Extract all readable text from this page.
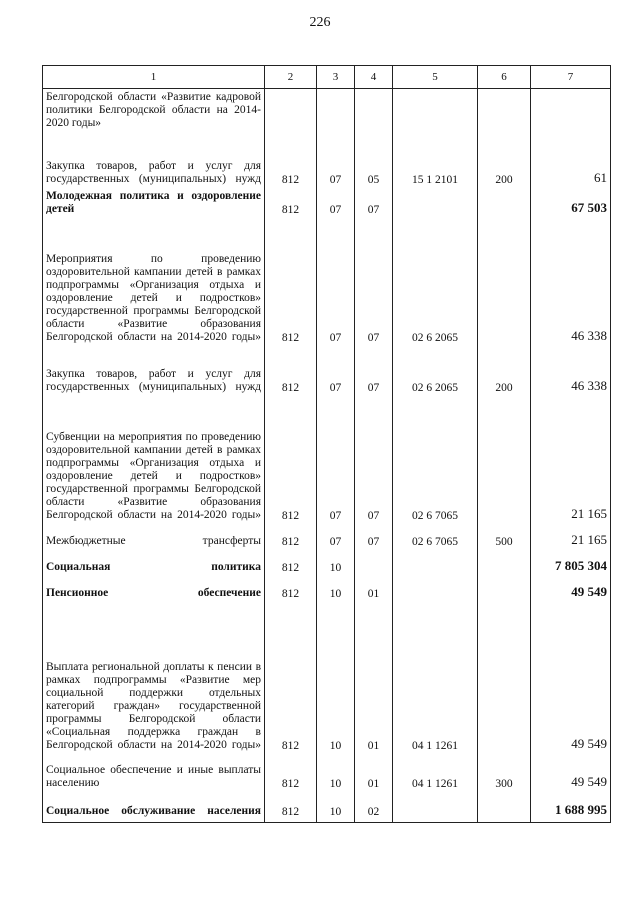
226
1	2	3	4	5	6	7
Белгородской области «Развитие кадровой политики Белгородской области на 2014-2020 годы»						
Закупка товаров, работ и услуг для государственных (муниципальных) нужд	812	07	05	15 1 2101	200	61
Молодежная политика и оздоровление детей	812	07	07			67 503
Мероприятия по проведению оздоровительной кампании детей в рамках подпрограммы «Организация отдыха и оздоровление детей и подростков» государственной программы Белгородской области «Развитие образования Белгородской области на 2014-2020 годы»	812	07	07	02 6 2065		46 338
Закупка товаров, работ и услуг для государственных (муниципальных) нужд	812	07	07	02 6 2065	200	46 338
Субвенции на мероприятия по проведению оздоровительной кампании детей в рамках подпрограммы «Организация отдыха и оздоровление детей и подростков» государственной программы Белгородской области «Развитие образования Белгородской области на 2014-2020 годы»	812	07	07	02 6 7065		21 165
Межбюджетные трансферты	812	07	07	02 6 7065	500	21 165
Социальная политика	812	10				7 805 304
Пенсионное обеспечение	812	10	01			49 549
Выплата региональной доплаты к пенсии в рамках подпрограммы «Развитие мер социальной поддержки отдельных категорий граждан» государственной программы Белгородской области «Социальная поддержка граждан в Белгородской области на 2014-2020 годы»	812	10	01	04 1 1261		49 549
Социальное обеспечение и иные выплаты населению	812	10	01	04 1 1261	300	49 549
Социальное обслуживание населения	812	10	02			1 688 995
